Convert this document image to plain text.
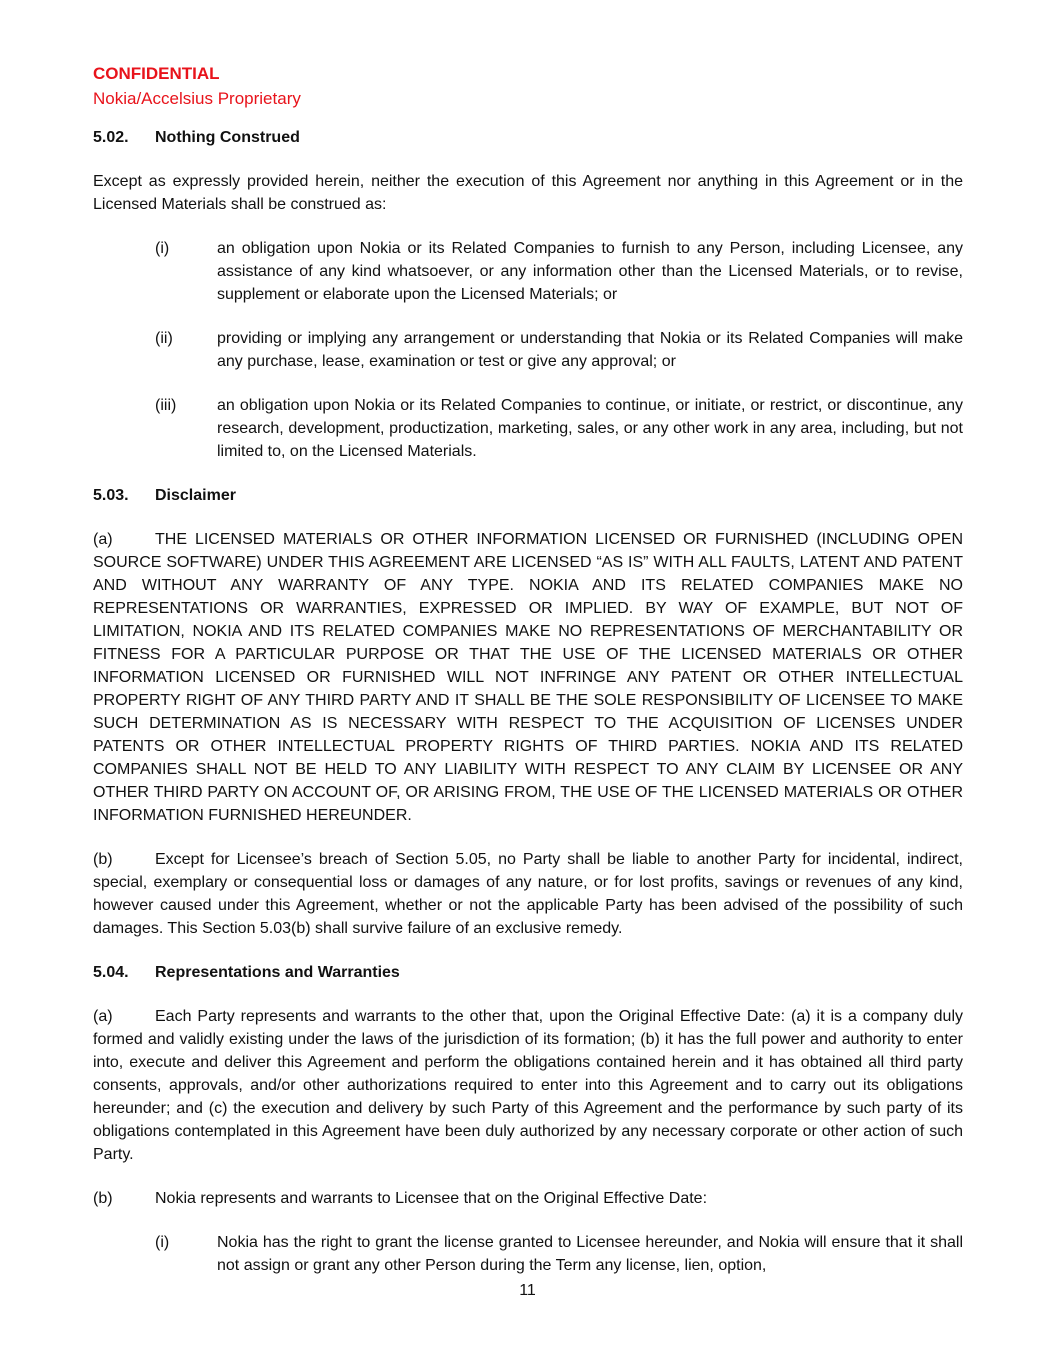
CONFIDENTIAL
Nokia/Accelsius Proprietary
5.02.	Nothing Construed

Except as expressly provided herein, neither the execution of this Agreement nor anything in this Agreement or in the Licensed Materials shall be construed as:

(i)	an obligation upon Nokia or its Related Companies to furnish to any Person, including Licensee, any assistance of any kind whatsoever, or any information other than the Licensed Materials, or to revise, supplement or elaborate upon the Licensed Materials; or
(ii)	providing or implying any arrangement or understanding that Nokia or its Related Companies will make any purchase, lease, examination or test or give any approval; or
(iii)	an obligation upon Nokia or its Related Companies to continue, or initiate, or restrict, or discontinue, any research, development, productization, marketing, sales, or any other work in any area, including, but not limited to, on the Licensed Materials.
5.03.	Disclaimer

(a)	THE LICENSED MATERIALS OR OTHER INFORMATION LICENSED OR FURNISHED (INCLUDING OPEN SOURCE SOFTWARE) UNDER THIS AGREEMENT ARE LICENSED “AS IS” WITH ALL FAULTS, LATENT AND PATENT AND WITHOUT ANY WARRANTY OF ANY TYPE. NOKIA AND ITS RELATED COMPANIES MAKE NO REPRESENTATIONS OR WARRANTIES, EXPRESSED OR IMPLIED. BY WAY OF EXAMPLE, BUT NOT OF LIMITATION, NOKIA AND ITS RELATED COMPANIES MAKE NO REPRESENTATIONS OF MERCHANTABILITY OR FITNESS FOR A PARTICULAR PURPOSE OR THAT THE USE OF THE LICENSED MATERIALS OR OTHER INFORMATION LICENSED OR FURNISHED WILL NOT INFRINGE ANY PATENT OR OTHER INTELLECTUAL PROPERTY RIGHT OF ANY THIRD PARTY AND IT SHALL BE THE SOLE RESPONSIBILITY OF LICENSEE TO MAKE SUCH DETERMINATION AS IS NECESSARY WITH RESPECT TO THE ACQUISITION OF LICENSES UNDER PATENTS OR OTHER INTELLECTUAL PROPERTY RIGHTS OF THIRD PARTIES. NOKIA AND ITS RELATED COMPANIES SHALL NOT BE HELD TO ANY LIABILITY WITH RESPECT TO ANY CLAIM BY LICENSEE OR ANY OTHER THIRD PARTY ON ACCOUNT OF, OR ARISING FROM, THE USE OF THE LICENSED MATERIALS OR OTHER INFORMATION FURNISHED HEREUNDER.

(b)	Except for Licensee’s breach of Section 5.05, no Party shall be liable to another Party for incidental, indirect, special, exemplary or consequential loss or damages of any nature, or for lost profits, savings or revenues of any kind, however caused under this Agreement, whether or not the applicable Party has been advised of the possibility of such damages. This Section 5.03(b) shall survive failure of an exclusive remedy.

5.04.	Representations and Warranties

(a)	Each Party represents and warrants to the other that, upon the Original Effective Date: (a) it is a company duly formed and validly existing under the laws of the jurisdiction of its formation; (b) it has the full power and authority to enter into, execute and deliver this Agreement and perform the obligations contained herein and it has obtained all third party consents, approvals, and/or other authorizations required to enter into this Agreement and to carry out its obligations hereunder; and (c) the execution and delivery by such Party of this Agreement and the performance by such party of its obligations contemplated in this Agreement have been duly authorized by any necessary corporate or other action of such Party.

(b)	Nokia represents and warrants to Licensee that on the Original Effective Date:

(i)	Nokia has the right to grant the license granted to Licensee hereunder, and Nokia will ensure that it shall not assign or grant any other Person during the Term any license, lien, option,
11
